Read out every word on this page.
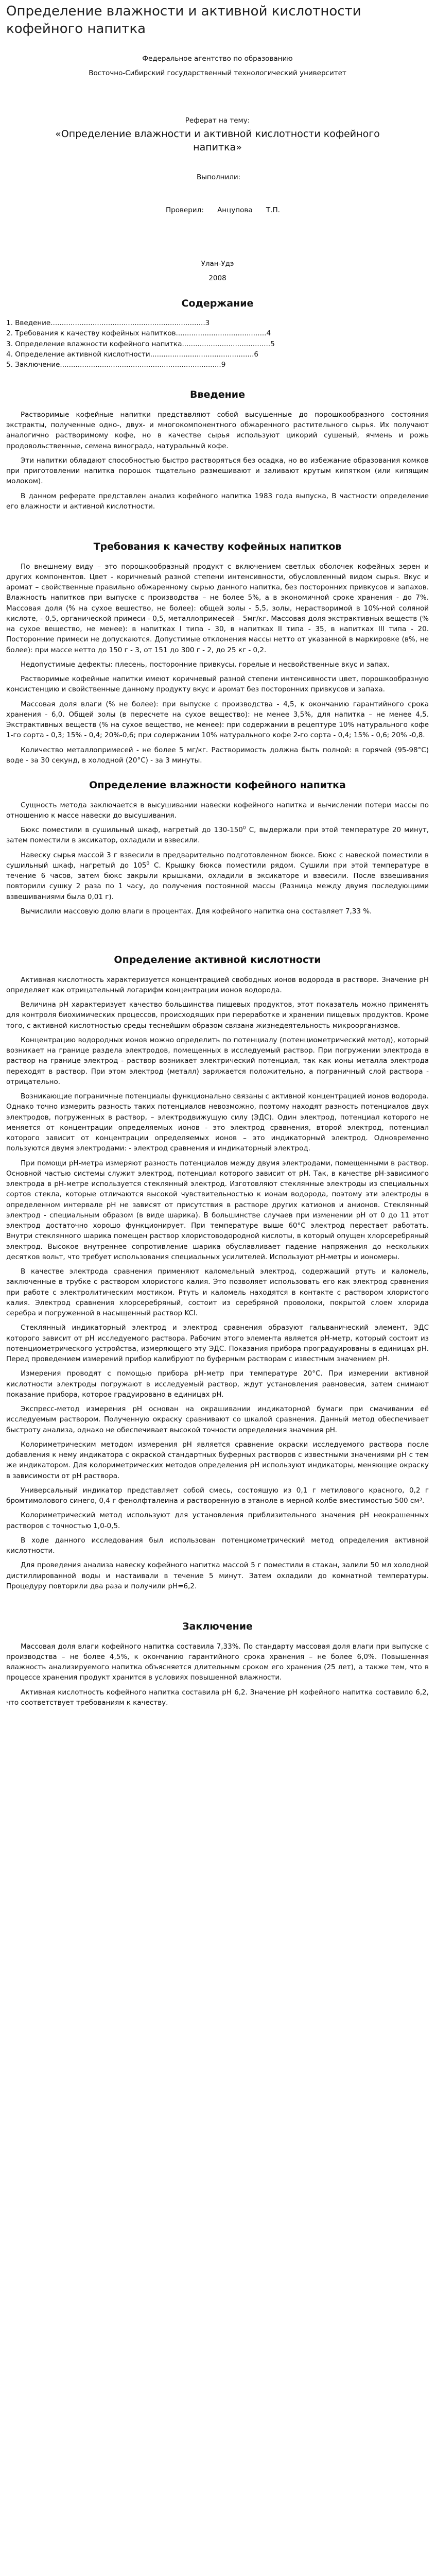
Определение влажности и активной кислотности кофейного напитка

Федеральное агентство по образованию

Восточно-Сибирский государственный технологический университет

Реферат на тему:

«Определение влажности и активной кислотности кофейного напитка»

Выполнили:

Проверил: Анцупова Т.П.

Улан-Удэ

2008

Содержание
1. Введение......................................................................3
2. Требования к качеству кофейных напитков.........................................4
3. Определение влажности кофейного напитка........................................5
4. Определение активной кислотности...............................................6
5. Заключение.........................................................................9
Введение

Растворимые кофейные напитки представляют собой высушенные до порошкообразного состояния экстракты, полученные одно-, двух- и многокомпонентного обжаренного растительного сырья. Их получают аналогично растворимому кофе, но в качестве сырья используют цикорий сушеный, ячмень и рожь продовольственные, семена винограда, натуральный кофе.

Эти напитки обладают способностью быстро растворяться без осадка, но во избежание образования комков при приготовлении напитка порошок тщательно размешивают и заливают крутым кипятком (или кипящим молоком).

В данном реферате представлен анализ кофейного напитка 1983 года выпуска, В частности определение его влажности и активной кислотности.

Требования к качеству кофейных напитков

По внешнему виду – это порошкообразный продукт с включением светлых оболочек кофейных зерен и других компонентов. Цвет - коричневый разной степени интенсивности, обусловленный видом сырья. Вкус и аромат – свойственные правильно обжаренному сырью данного напитка, без посторонних привкусов и запахов. Влажность напитков при выпуске с производства – не более 5%, а в экономичной сроке хранения - до 7%. Массовая доля (% на сухое вещество, не более): общей золы - 5,5, золы, нерастворимой в 10%-ной соляной кислоте, - 0,5, органической примеси - 0,5, металлопримесей – 5мг/кг. Массовая доля экстрактивных веществ (% на сухое вещество, не менее): в напитках I типа - 30, в напитках II типа - 35, в напитках III типа - 20. Посторонние примеси не допускаются. Допустимые отклонения массы нетто от указанной в маркировке (в%, не более): при массе нетто до 150 г - 3, от 151 до 300 г - 2, до 25 кг - 0,2.

Недопустимые дефекты: плесень, посторонние привкусы, горелые и несвойственные вкус и запах.

Растворимые кофейные напитки имеют коричневый разной степени интенсивности цвет, порошкообразную консистенцию и свойственные данному продукту вкус и аромат без посторонних привкусов и запаха.

Массовая доля влаги (% не более): при выпуске с производства - 4,5, к окончанию гарантийного срока хранения - 6,0. Общей золы (в пересчете на сухое вещество): не менее 3,5%, для напитка – не менее 4,5. Экстрактивных веществ (% на сухое вещество, не менее): при содержании в рецептуре 10% натурального кофе 1-го сорта - 0,3; 15% - 0,4; 20%-0,6; при содержании 10% натурального кофе 2-го сорта - 0,4; 15% - 0,6; 20% -0,8.

Количество металлопримесей - не более 5 мг/кг. Растворимость должна быть полной: в горячей (95-98°С) воде - за 30 секунд, в холодной (20°С) - за 3 минуты.

Определение влажности кофейного напитка

Сущность метода заключается в высушивании навески кофейного напитка и вычислении потери массы по отношению к массе навески до высушивания.

Бюкс поместили в сушильный шкаф, нагретый до $130-150^0$ С, выдержали при этой температуре 20 минут, затем поместили в эксикатор, охладили и взвесили.

Навеску сырья массой 3 г взвесили в предварительно подготовленном бюксе. Бюкс с навеской поместили в сушильный шкаф, нагретый до $105^0$ С. Крышку бюкса поместили рядом. Сушили при этой температуре в течение 6 часов, затем бюкс закрыли крышками, охладили в эксикаторе и взвесили. После взвешивания повторили сушку 2 раза по 1 часу, до получения постоянной массы (Разница между двумя последующими взвешиваниями была 0,01 г).

Вычислили массовую долю влаги в процентах. Для кофейного напитка она составляет 7,33 %.

Определение активной кислотности

Активная кислотность характеризуется концентрацией свободных ионов водорода в растворе. Значение pH определяет как отрицательный логарифм концентрации ионов водорода.

Величина pH характеризует качество большинства пищевых продуктов, этот показатель можно применять для контроля биохимических процессов, происходящих при переработке и хранении пищевых продуктов. Кроме того, с активной кислотностью среды теснейшим образом связана жизнедеятельность микроорганизмов.

Концентрацию водородных ионов можно определить по потенциалу (потенциометрический метод), который возникает на границе раздела электродов, помещенных в исследуемый раствор. При погружении электрода в раствор на границе электрод - раствор возникает электрический потенциал, так как ионы металла электрода переходят в раствор. При этом электрод (металл) заряжается положительно, а пограничный слой раствора - отрицательно.

Возникающие пограничные потенциалы функционально связаны с активной концентрацией ионов водорода. Однако точно измерить разность таких потенциалов невозможно, поэтому находят разность потенциалов двух электродов, погруженных в раствор, – электродвижущую силу (ЭДС). Один электрод, потенциал которого не меняется от концентрации определяемых ионов - это электрод сравнения, второй электрод, потенциал которого зависит от концентрации определяемых ионов – это индикаторный электрод. Одновременно пользуются двумя электродами: - электрод сравнения и индикаторный электрод.

При помощи pH-метра измеряют разность потенциалов между двумя электродами, помещенными в раствор. Основной частью системы служит электрод, потенциал которого зависит от pH. Так, в качестве pH-зависимого электрода в pH-метре используется стеклянный электрод. Изготовляют стеклянные электроды из специальных сортов стекла, которые отличаются высокой чувствительностью к ионам водорода, поэтому эти электроды в определенном интервале pH не зависят от присутствия в растворе других катионов и анионов. Стеклянный электрод - специальным образом (в виде шарика). В большинстве случаев при изменении pH от 0 до 11 этот электрод достаточно хорошо функционирует. При температуре выше 60°С электрод перестает работать. Внутри стеклянного шарика помещен раствор хлористоводородной кислоты, в который опущен хлорсеребряный электрод. Высокое внутреннее сопротивление шарика обуславливает падение напряжения до нескольких десятков вольт, что требует использования специальных усилителей. Используют рН-метры и иономеры.

В качестве электрода сравнения применяют каломельный электрод, содержащий ртуть и каломель, заключенные в трубке с раствором хлористого калия. Это позволяет использовать его как электрод сравнения при работе с электролитическим мостиком. Ртуть и каломель находятся в контакте с раствором хлористого калия. Электрод сравнения хлорсеребряный, состоит из серебряной проволоки, покрытой слоем хлорида серебра и погруженной в насыщенный раствор KCl.

Стеклянный индикаторный электрод и электрод сравнения образуют гальванический элемент, ЭДС которого зависит от pH исследуемого раствора. Рабочим этого элемента является pH-метр, который состоит из потенциометрического устройства, измеряющего эту ЭДС. Показания прибора проградуированы в единицах pH. Перед проведением измерений прибор калибруют по буферным растворам с известным значением pH.

Измерения проводят с помощью прибора pH-метр при температуре 20°С. При измерении активной кислотности электроды погружают в исследуемый раствор, ждут установления равновесия, затем снимают показание прибора, которое градуировано в единицах pH.

Экспресс-метод измерения pH основан на окрашивании индикаторной бумаги при смачивании её исследуемым раствором. Полученную окраску сравнивают со шкалой сравнения. Данный метод обеспечивает быстроту анализа, однако не обеспечивает высокой точности определения значения pH.

Колориметрическим методом измерения pH является сравнение окраски исследуемого раствора после добавления к нему индикатора с окраской стандартных буферных растворов с известными значениями pH с тем же индикатором. Для колориметрических методов определения pH используют индикаторы, меняющие окраску в зависимости от pH раствора.

Универсальный индикатор представляет собой смесь, состоящую из 0,1 г метилового красного, 0,2 г бромтимолового синего, 0,4 г фенолфталеина и растворенную в этаноле в мерной колбе вместимостью 500 см³.

Колориметрический метод используют для установления приблизительного значения pH неокрашенных растворов с точностью 1,0-0,5.

В ходе данного исследования был использован потенциометрический метод определения активной кислотности.

Для проведения анализа навеску кофейного напитка массой 5 г поместили в стакан, залили 50 мл холодной дистиллированной воды и настаивали в течение 5 минут. Затем охладили до комнатной температуры. Процедуру повторили два раза и получили pH=6,2.

Заключение

Массовая доля влаги кофейного напитка составила 7,33%. По стандарту массовая доля влаги при выпуске с производства – не более 4,5%, к окончанию гарантийного срока хранения – не более 6,0%. Повышенная влажность анализируемого напитка объясняется длительным сроком его хранения (25 лет), а также тем, что в процессе хранения продукт хранится в условиях повышенной влажности.

Активная кислотность кофейного напитка составила pH 6,2. Значение pH кофейного напитка составило 6,2, что соответствует требованиям к качеству.
